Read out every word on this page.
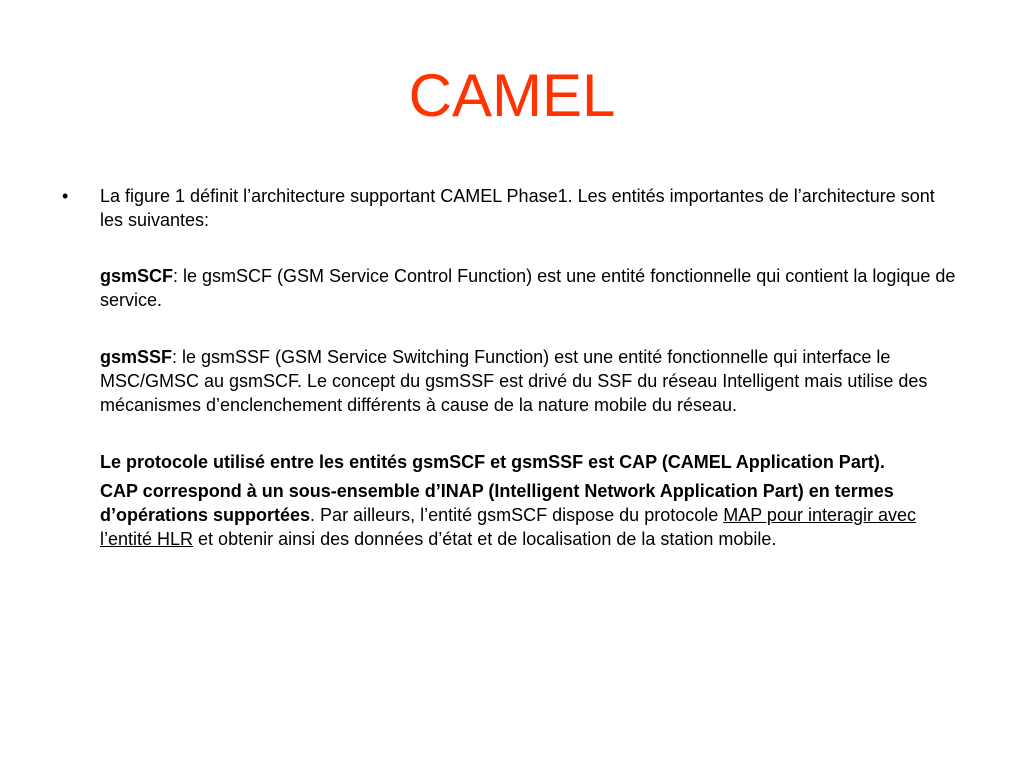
CAMEL
• La figure 1 définit l’architecture supportant CAMEL Phase1. Les entités importantes de l’architecture sont les suivantes:
gsmSCF: le gsmSCF (GSM Service Control Function) est une entité fonctionnelle qui contient la logique de service.
gsmSSF: le gsmSSF (GSM Service Switching Function) est une entité fonctionnelle qui interface le MSC/GMSC au gsmSCF. Le concept du gsmSSF est drivé du SSF du réseau Intelligent mais utilise des mécanismes d’enclenchement différents à cause de la nature mobile du réseau.
Le protocole utilisé entre les entités gsmSCF et gsmSSF est CAP (CAMEL Application Part).
CAP correspond à un sous-ensemble d’INAP (Intelligent Network Application Part) en termes d’opérations supportées. Par ailleurs, l’entité gsmSCF dispose du protocole MAP pour interagir avec l’entité HLR et obtenir ainsi des données d’état et de localisation de la station mobile.
